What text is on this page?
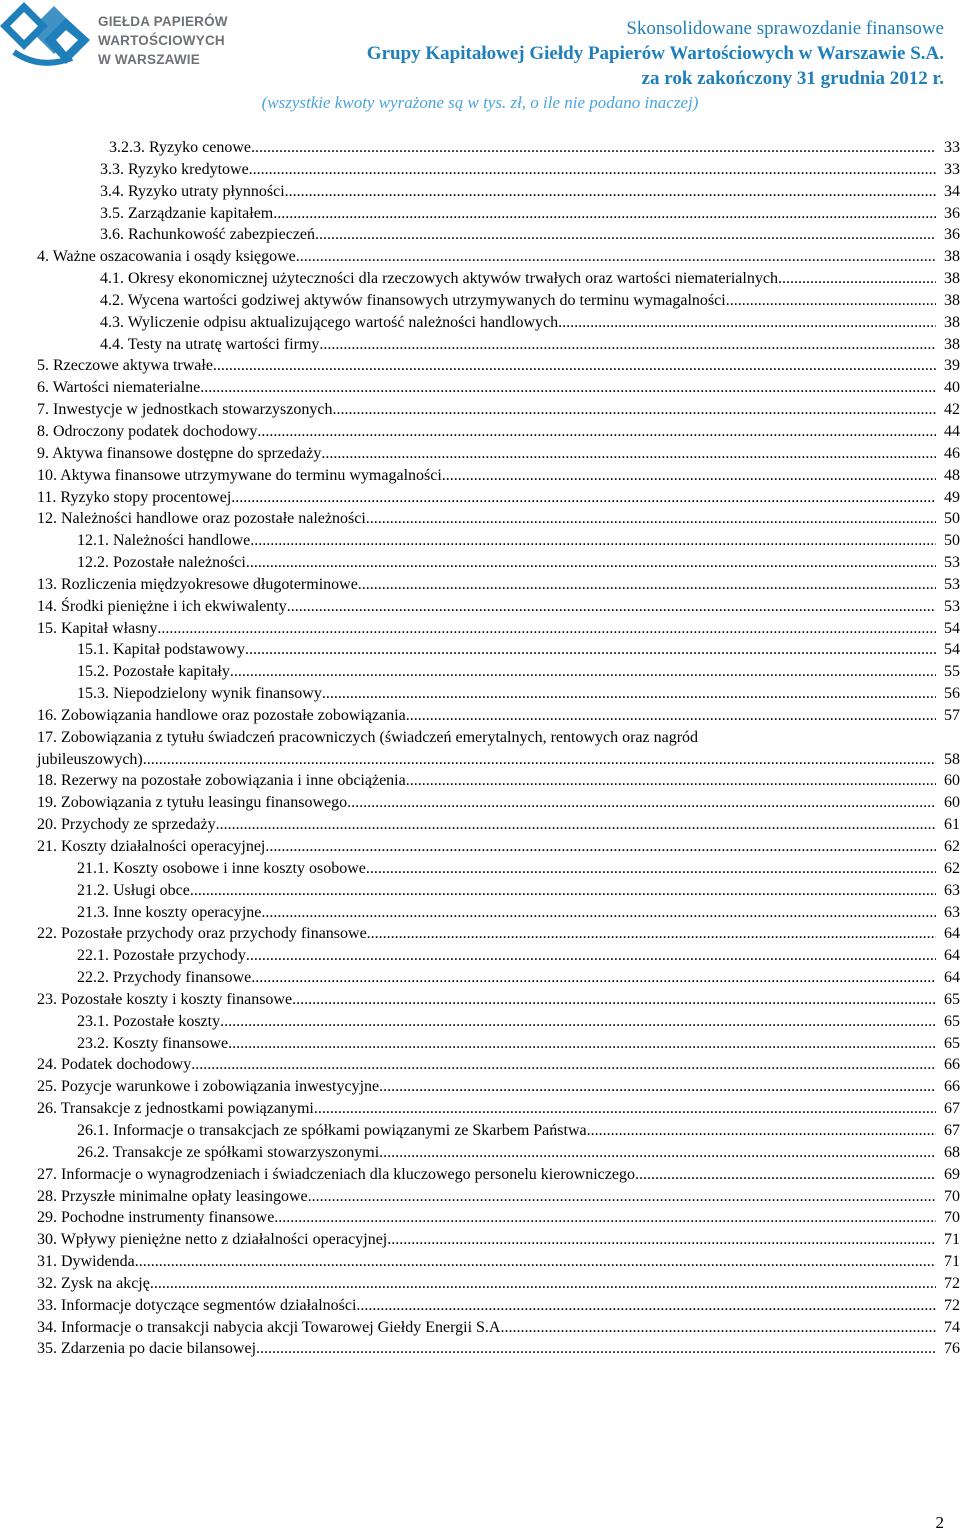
GIEŁDA PAPIERÓW
WARTOŚCIOWYCH
W WARSZAWIE
Skonsolidowane sprawozdanie finansowe
Grupy Kapitałowej Giełdy Papierów Wartościowych w Warszawie S.A.
za rok zakończony 31 grudnia 2012 r.
(wszystkie kwoty wyrażone są w tys. zł, o ile nie podano inaczej)
3.2.3. Ryzyko cenowe .....	33
3.3. Ryzyko kredytowe .....	33
3.4. Ryzyko utraty płynności .....	34
3.5. Zarządzanie kapitałem .....	36
3.6. Rachunkowość zabezpieczeń .....	36
4. Ważne oszacowania i osądy księgowe .....	38
4.1. Okresy ekonomicznej użyteczności dla rzeczowych aktywów trwałych oraz wartości niematerialnych .....	38
4.2. Wycena wartości godziwej aktywów finansowych utrzymywanych do terminu wymagalności .....	38
4.3. Wyliczenie odpisu aktualizującego wartość należności handlowych .....	38
4.4. Testy na utratę wartości firmy .....	38
5. Rzeczowe aktywa trwałe .....	39
6. Wartości niematerialne .....	40
7. Inwestycje w jednostkach stowarzyszonych .....	42
8. Odroczony podatek dochodowy .....	44
9. Aktywa finansowe dostępne do sprzedaży .....	46
10. Aktywa finansowe utrzymywane do terminu wymagalności .....	48
11. Ryzyko stopy procentowej .....	49
12. Należności handlowe oraz pozostałe należności .....	50
12.1. Należności handlowe .....	50
12.2. Pozostałe należności .....	53
13. Rozliczenia międzyokresowe długoterminowe .....	53
14. Środki pieniężne i ich ekwiwalenty .....	53
15. Kapitał własny .....	54
15.1. Kapitał podstawowy .....	54
15.2. Pozostałe kapitały .....	55
15.3. Niepodzielony wynik finansowy .....	56
16. Zobowiązania handlowe oraz pozostałe zobowiązania .....	57
17. Zobowiązania z tytułu świadczeń pracowniczych (świadczeń emerytalnych, rentowych oraz nagród
jubileuszowych) .....	58
18. Rezerwy na pozostałe zobowiązania i inne obciążenia .....	60
19. Zobowiązania z tytułu leasingu finansowego. .....	60
20. Przychody ze sprzedaży .....	61
21. Koszty działalności operacyjnej .....	62
21.1. Koszty osobowe i inne koszty osobowe .....	62
21.2. Usługi obce .....	63
21.3. Inne koszty operacyjne .....	63
22. Pozostałe przychody oraz przychody finansowe .....	64
22.1. Pozostałe przychody .....	64
22.2. Przychody finansowe .....	64
23. Pozostałe koszty i koszty finansowe .....	65
23.1. Pozostałe koszty .....	65
23.2. Koszty finansowe .....	65
24. Podatek dochodowy .....	66
25. Pozycje warunkowe i zobowiązania inwestycyjne .....	66
26. Transakcje z jednostkami powiązanymi .....	67
26.1. Informacje o transakcjach ze spółkami powiązanymi ze Skarbem Państwa .....	67
26.2. Transakcje ze spółkami stowarzyszonymi .....	68
27. Informacje o wynagrodzeniach i świadczeniach dla kluczowego personelu kierowniczego .....	69
28. Przyszłe minimalne opłaty leasingowe .....	70
29. Pochodne instrumenty finansowe .....	70
30. Wpływy pieniężne netto z działalności operacyjnej .....	71
31. Dywidenda .....	71
32. Zysk na akcję .....	72
33. Informacje dotyczące segmentów działalności .....	72
34. Informacje o transakcji nabycia akcji Towarowej Giełdy Energii S.A. .....	74
35. Zdarzenia po dacie bilansowej .....	76
2
